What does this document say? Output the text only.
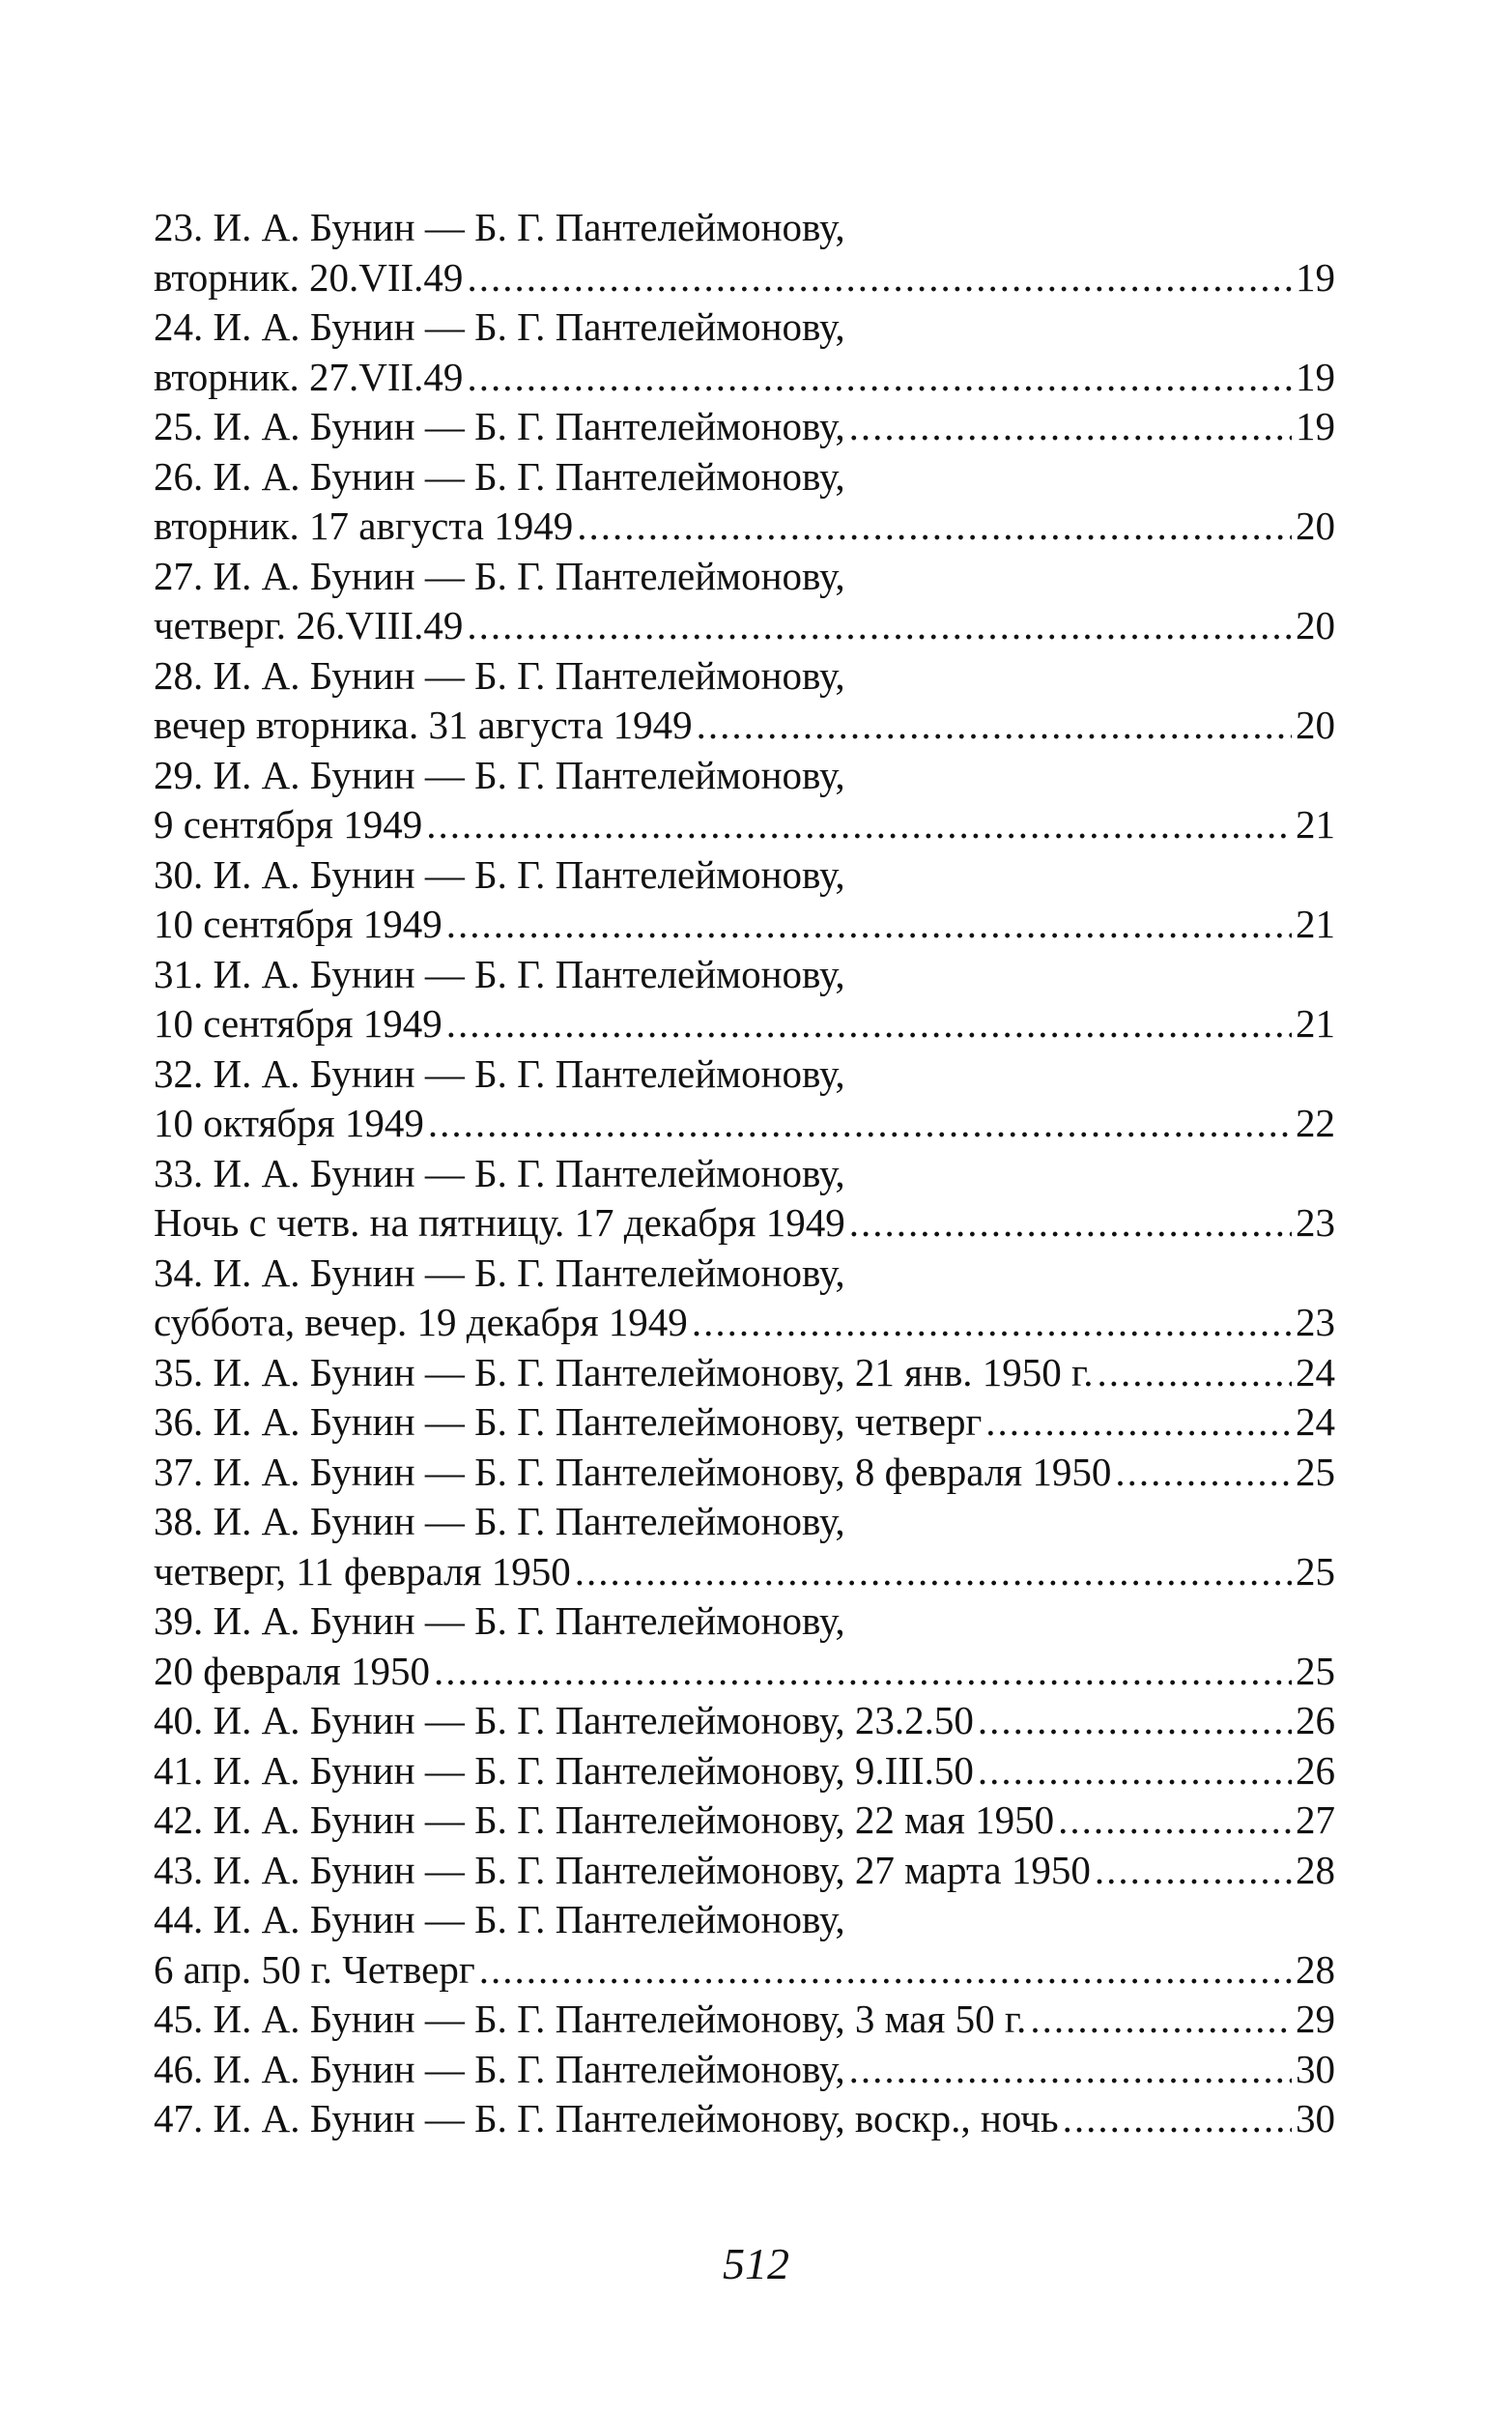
23. И. А. Бунин — Б. Г. Пантелеймонову,
вторник. 20.VII.49 .....	19
24. И. А. Бунин — Б. Г. Пантелеймонову,
вторник. 27.VII.49 .....	19
25. И. А. Бунин — Б. Г. Пантелеймонову, .....	19
26. И. А. Бунин — Б. Г. Пантелеймонову,
вторник. 17 августа 1949 .....	20
27. И. А. Бунин — Б. Г. Пантелеймонову,
четверг. 26.VIII.49 .....	20
28. И. А. Бунин — Б. Г. Пантелеймонову,
вечер вторника. 31 августа 1949 .....	20
29. И. А. Бунин — Б. Г. Пантелеймонову,
9 сентября 1949 .....	21
30. И. А. Бунин — Б. Г. Пантелеймонову,
10 сентября 1949 .....	21
31. И. А. Бунин — Б. Г. Пантелеймонову,
10 сентября 1949 .....	21
32. И. А. Бунин — Б. Г. Пантелеймонову,
10 октября 1949 .....	22
33. И. А. Бунин — Б. Г. Пантелеймонову,
Ночь с четв. на пятницу. 17 декабря 1949 .....	23
34. И. А. Бунин — Б. Г. Пантелеймонову,
суббота, вечер. 19 декабря 1949 .....	23
35. И. А. Бунин — Б. Г. Пантелеймонову, 21 янв. 1950 г. .....	24
36. И. А. Бунин — Б. Г. Пантелеймонову, четверг .....	24
37. И. А. Бунин — Б. Г. Пантелеймонову, 8 февраля 1950 .....	25
38. И. А. Бунин — Б. Г. Пантелеймонову,
четверг, 11 февраля 1950 .....	25
39. И. А. Бунин — Б. Г. Пантелеймонову,
20 февраля 1950 .....	25
40. И. А. Бунин — Б. Г. Пантелеймонову, 23.2.50 .....	26
41. И. А. Бунин — Б. Г. Пантелеймонову, 9.III.50 .....	26
42. И. А. Бунин — Б. Г. Пантелеймонову, 22 мая 1950 .....	27
43. И. А. Бунин — Б. Г. Пантелеймонову, 27 марта 1950 .....	28
44. И. А. Бунин — Б. Г. Пантелеймонову,
6 апр. 50 г. Четверг .....	28
45. И. А. Бунин — Б. Г. Пантелеймонову, 3 мая 50 г. .....	29
46. И. А. Бунин — Б. Г. Пантелеймонову, .....	30
47. И. А. Бунин — Б. Г. Пантелеймонову, воскр., ночь .....	30
512
